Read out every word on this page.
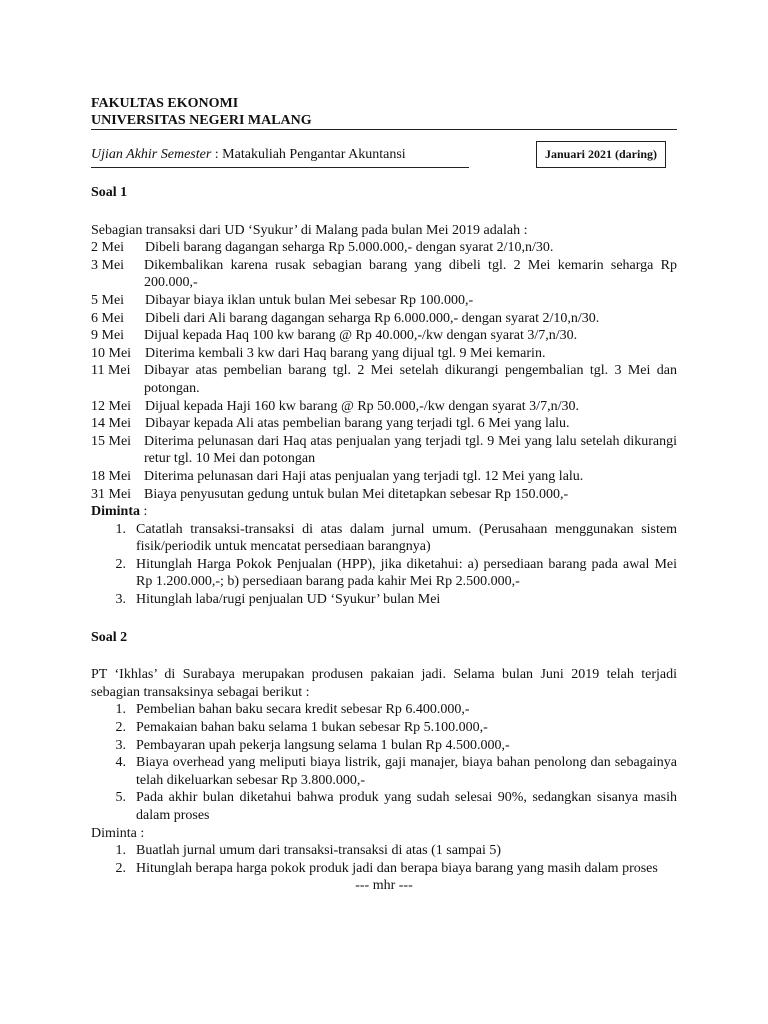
FAKULTAS EKONOMI
UNIVERSITAS NEGERI MALANG
Ujian Akhir Semester : Matakuliah Pengantar Akuntansi	Januari 2021 (daring)

Soal 1

Sebagian transaksi dari UD ‘Syukur’ di Malang pada bulan Mei 2019 adalah :

2 Mei	Dibeli barang dagangan seharga Rp 5.000.000,- dengan syarat 2/10,n/30.
3 Mei	Dikembalikan karena rusak sebagian barang yang dibeli tgl. 2 Mei kemarin seharga Rp 200.000,-
5 Mei	Dibayar biaya iklan untuk bulan Mei sebesar Rp 100.000,-
6 Mei	Dibeli dari Ali barang dagangan seharga Rp 6.000.000,- dengan syarat 2/10,n/30.
9 Mei	Dijual kepada Haq 100 kw barang @ Rp 40.000,-/kw dengan syarat 3/7,n/30.
10 Mei Diterima kembali 3 kw dari Haq barang yang dijual tgl. 9 Mei kemarin.
11 Mei Dibayar atas pembelian barang tgl. 2 Mei setelah dikurangi pengembalian tgl. 3 Mei dan potongan.
12 Mei Dijual kepada Haji 160 kw barang @ Rp 50.000,-/kw dengan syarat 3/7,n/30.
14 Mei Dibayar kepada Ali atas pembelian barang yang terjadi tgl. 6 Mei yang lalu.
15 Mei Diterima pelunasan dari Haq atas penjualan yang terjadi tgl. 9 Mei yang lalu setelah dikurangi retur tgl. 10 Mei dan potongan
18 Mei Diterima pelunasan dari Haji atas penjualan yang terjadi tgl. 12 Mei yang lalu.
31 Mei Biaya penyusutan gedung untuk bulan Mei ditetapkan sebesar Rp 150.000,-

Diminta :

1. Catatlah transaksi-transaksi di atas dalam jurnal umum. (Perusahaan menggunakan sistem fisik/periodik untuk mencatat persediaan barangnya)
2. Hitunglah Harga Pokok Penjualan (HPP), jika diketahui: a) persediaan barang pada awal Mei Rp 1.200.000,-; b) persediaan barang pada kahir Mei Rp 2.500.000,-
3. Hitunglah laba/rugi penjualan UD ‘Syukur’ bulan Mei

Soal 2

PT ‘Ikhlas’ di Surabaya merupakan produsen pakaian jadi. Selama bulan Juni 2019 telah terjadi sebagian transaksinya sebagai berikut :

1. Pembelian bahan baku secara kredit sebesar Rp 6.400.000,-
2. Pemakaian bahan baku selama 1 bukan sebesar Rp 5.100.000,-
3. Pembayaran upah pekerja langsung selama 1 bulan Rp 4.500.000,-
4. Biaya overhead yang meliputi biaya listrik, gaji manajer, biaya bahan penolong dan sebagainya telah dikeluarkan sebesar Rp 3.800.000,-
5. Pada akhir bulan diketahui bahwa produk yang sudah selesai 90%, sedangkan sisanya masih dalam proses

Diminta :

1. Buatlah jurnal umum dari transaksi-transaksi di atas (1 sampai 5)
2. Hitunglah berapa harga pokok produk jadi dan berapa biaya barang yang masih dalam proses

--- mhr ---
